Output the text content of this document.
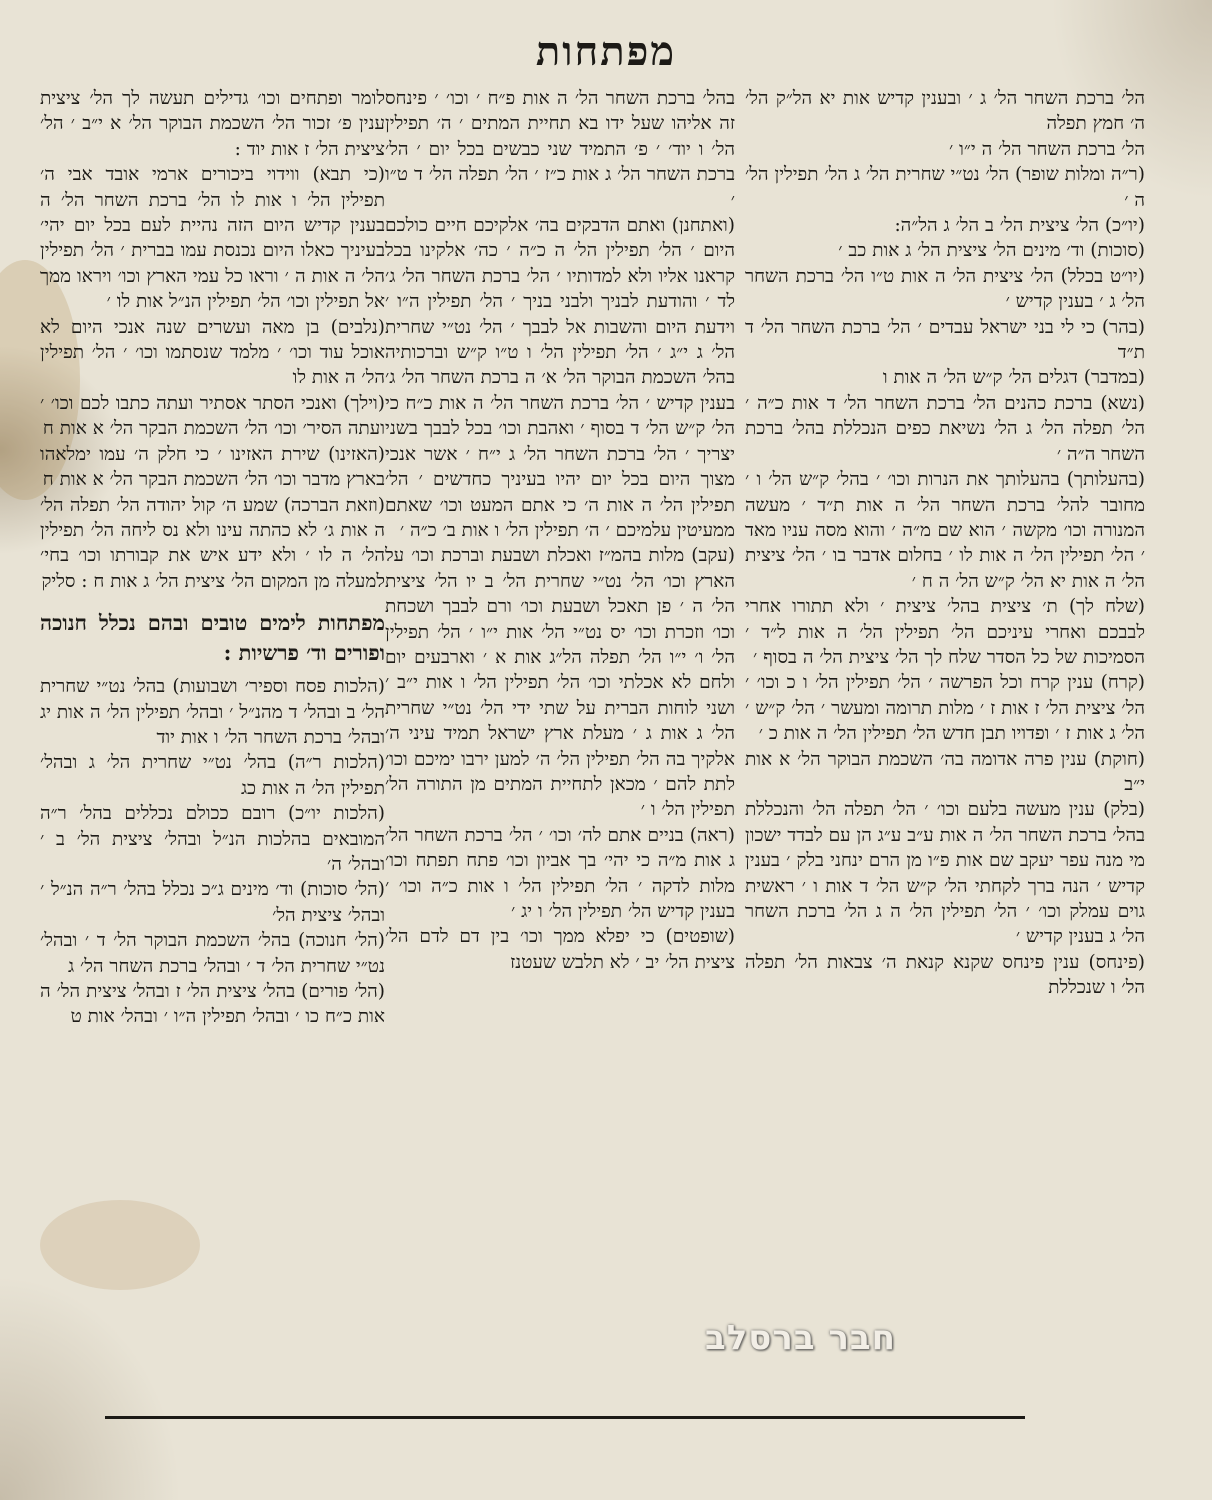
מפתחות

הל׳ ברכת השחר הל׳ ג ׳ ובענין קדיש אות יא הל״ק הל׳ ה׳ חמץ תפלה

הל׳ ברכת השחר הל׳ ה י״ו ׳

(ר״ה ומלות שופר) הל׳ נט״י שחרית הל׳ ג הל׳ תפילין הל׳ ה ׳

(יו״כ) הל׳ ציצית הל׳ ב הל׳ ג הל״ה:

(סוכות) וד׳ מינים הל׳ ציצית הל׳ ג אות כב ׳

(יו״ט בכלל) הל׳ ציצית הל׳ ה אות ט״ו הל׳ ברכת השחר הל׳ ג ׳ בענין קדיש ׳

(בהר) כי לי בני ישראל עבדים ׳ הל׳ ברכת השחר הל׳ ד ת״ד

(במדבר) דגלים הל׳ ק״ש הל׳ ה אות ו

(נשא) ברכת כהנים הל׳ ברכת השחר הל׳ ד אות כ״ה ׳ הל׳ תפלה הל׳ ג הל׳ נשיאת כפים הנכללת בהל׳ ברכת השחר ה״ה ׳

(בהעלותך) בהעלותך את הנרות וכו׳ ׳ בהל׳ ק״ש הל׳ ו ׳ מחובר להל׳ ברכת השחר הל׳ ה אות ת״ד ׳ מעשה המנורה וכו׳ מקשה ׳ הוא שם מ״ה ׳ והוא מסה עניו מאד ׳ הל׳ תפילין הל׳ ה אות לו ׳ בחלום אדבר בו ׳ הל׳ ציצית הל׳ ה אות יא הל׳ ק״ש הל׳ ה ח ׳

(שלח לך) ת׳ ציצית בהל׳ ציצית ׳ ולא תתורו אחרי לבבכם ואחרי עיניכם הל׳ תפילין הל׳ ה אות ל״ד ׳ הסמיכות של כל הסדר שלח לך הל׳ ציצית הל׳ ה בסוף ׳

(קרח) ענין קרח וכל הפרשה ׳ הל׳ תפילין הל׳ ו כ וכו׳ ׳ הל׳ ציצית הל׳ ז אות ז ׳ מלות תרומה ומעשר ׳ הל׳ ק״ש ׳ הל׳ ג אות ז ׳ ופדויו תבן חדש הל׳ תפילין הל׳ ה אות כ ׳

(חוקת) ענין פרה אדומה בה׳ השכמת הבוקר הל׳ א אות י״ב

(בלק) ענין מעשה בלעם וכו׳ ׳ הל׳ תפלה הל׳ והנכללת בהל׳ ברכת השחר הל׳ ה אות ע״ב ע״ג הן עם לבדד ישכון מי מנה עפר יעקב שם אות פ״ו מן הרם ינחני בלק ׳ בענין קדיש ׳ הנה ברך לקחתי הל׳ ק״ש הל׳ ד אות ו ׳ ראשית גוים עמלק וכו׳ ׳ הל׳ תפילין הל׳ ה ג הל׳ ברכת השחר הל׳ ג בענין קדיש ׳

(פינחס) ענין פינחס שקנא קנאת ה׳ צבאות הל׳ תפלה הל׳ ו שנכללת

בהל׳ ברכת השחר הל׳ ה אות פ״ח ׳ וכו׳ ׳ פינחס זה אליהו שעל ידו בא תחיית המתים ׳ ה׳ תפילין הל׳ ו יוד׳ ׳ פ׳ התמיד שני כבשים בכל יום ׳ הל׳ ברכת השחר הל׳ ג אות כ״ז ׳ הל׳ תפלה הל׳ ד ט״ו ׳

(ואתחנן) ואתם הדבקים בה׳ אלקיכם חיים כולכם היום ׳ הל׳ תפילין הל׳ ה כ״ה ׳ כה׳ אלקינו בכל קראנו אליו ולא למדותיו ׳ הל׳ ברכת השחר הל׳ ג׳ לד ׳ והודעת לבניך ולבני בניך ׳ הל׳ תפילין ה״ו ׳ וידעת היום והשבות אל לבבך ׳ הל׳ נט״י שחרית הל׳ ג י״ג ׳ הל׳ תפילין הל׳ ו ט״ו ק״ש וברכותיה בהל׳ השכמת הבוקר הל׳ א׳ ה ברכת השחר הל׳ ג׳ בענין קדיש ׳ הל׳ ברכת השחר הל׳ ה אות כ״ח כי הל׳ ק״ש הל׳ ד בסוף ׳ ואהבת וכו׳ בכל לבבך בשני יצריך ׳ הל׳ ברכת השחר הל׳ ג י״ח ׳ אשר אנכי מצוך היום בכל יום יהיו בעיניך כחדשים ׳ הל׳ תפילין הל׳ ה אות ה׳ כי אתם המעט וכו׳ שאתם ממעיטין עלמיכם ׳ ה׳ תפילין הל׳ ו אות ב׳ כ״ה ׳

(עקב) מלות בהמ״ז ואכלת ושבעת וברכת וכו׳ על הארץ וכו׳ הל׳ נט״י שחרית הל׳ ב יו הל׳ ציצית הל׳ ה ׳ פן תאכל ושבעת וכו׳ ורם לבבך ושכחת וכו׳ וזכרת וכו׳ יס נט״י הל׳ אות י״ו ׳ הל׳ תפילין הל׳ ו׳ י״ו הל׳ תפלה הל״ג אות א ׳ וארבעים יום ולחם לא אכלתי וכו׳ הל׳ תפילין הל׳ ו אות י״ב ׳ ושני לוחות הברית על שתי ידי הל׳ נט״י שחרית הל׳ ג אות ג ׳ מעלת ארץ ישראל תמיד עיני ה׳ אלקיך בה הל׳ תפילין הל׳ ה׳ למען ירבו ימיכם וכו׳ לתת להם ׳ מכאן לתחיית המתים מן התורה הל׳ תפילין הל׳ ו ׳

(ראה) בניים אתם לה׳ וכו׳ ׳ הל׳ ברכת השחר הל׳ ג אות מ״ה כי יהי׳ בך אביון וכו׳ פתח תפתח וכו׳ מלות לדקה ׳ הל׳ תפילין הל׳ ו אות כ״ה וכו׳ ׳ בענין קדיש הל׳ תפילין הל׳ ו יג ׳

(שופטים) כי יפלא ממך וכו׳ בין דם לדם הל׳ ציצית הל׳ יב ׳ לא תלבש שעטנז

לומר ופתחים וכו׳ גדילים תעשה לך הל׳ ציצית ענין פ׳ זכור הל׳ השכמת הבוקר הל׳ א י״ב ׳ הל׳ ציצית הל׳ ז אות יוד :

(כי תבא) ווידוי ביכורים ארמי אובד אבי ה׳ תפילין הל׳ ו אות לו הל׳ ברכת השחר הל׳ ה בענין קדיש היום הזה נהיית לעם בכל יום יהי׳ בעיניך כאלו היום נכנסת עמו בברית ׳ הל׳ תפילין הל׳ ה אות ה ׳ וראו כל עמי הארץ וכו׳ ויראו ממך אל תפילין וכו׳ הל׳ תפילין הנ״ל אות לו ׳

(נלבים) בן מאה ועשרים שנה אנכי היום לא אוכל עוד וכו׳ ׳ מלמד שנסתמו וכו׳ ׳ הל׳ תפילין הל׳ ה אות לו

(וילך) ואנכי הסתר אסתיר ועתה כתבו לכם וכו׳ ׳ ועתה הסיר׳ וכו׳ הל׳ השכמת הבקר הל׳ א אות ח

(האזינו) שירת האזינו ׳ כי חלק ה׳ עמו ימלאהו בארץ מדבר וכו׳ הל׳ השכמת הבקר הל׳ א אות ח

(וזאת הברכה) שמע ה׳ קול יהודה הל׳ תפלה הל׳ ה אות ג׳ לא כהתה עינו ולא נס ליחה הל׳ תפילין הל׳ ה לו ׳ ולא ידע איש את קבורתו וכו׳ בחי׳ למעלה מן המקום הל׳ ציצית הל׳ ג אות ח : סליק

מפתחות לימים טובים ובהם נכלל חנוכה ופורים וד׳ פרשיות :

(הלכות פסח וספיר׳ ושבועות) בהל׳ נט״י שחרית הל׳ ב ובהל׳ ד מהנ״ל ׳ ובהל׳ תפילין הל׳ ה אות יג ובהל׳ ברכת השחר הל׳ ו אות יוד

(הלכות ר״ה) בהל׳ נט״י שחרית הל׳ ג ובהל׳ תפילין הל׳ ה אות כג

(הלכות יו״כ) רובם ככולם נכללים בהל׳ ר״ה המובאים בהלכות הנ״ל ובהל׳ ציצית הל׳ ב ׳ ובהל׳ ה׳

(הל׳ סוכות) וד׳ מינים ג״כ נכלל בהל׳ ר״ה הנ״ל ׳ ובהל׳ ציצית הל׳

(הל׳ חנוכה) בהל׳ השכמת הבוקר הל׳ ד ׳ ובהל׳ נט״י שחרית הל׳ ד ׳ ובהל׳ ברכת השחר הל׳ ג

(הל׳ פורים) בהל׳ ציצית הל׳ ז ובהל׳ ציצית הל׳ ה אות כ״ח כו ׳ ובהל׳ תפילין ה״ו ׳ ובהל׳ אות ט

חבר ברסלב
